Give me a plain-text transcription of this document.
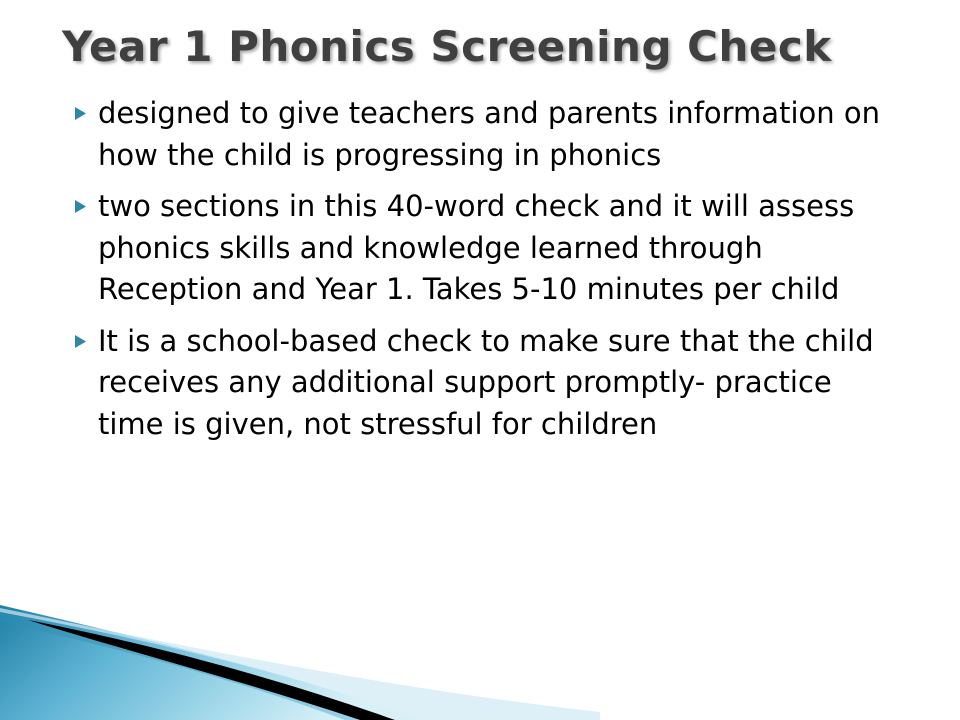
Year 1 Phonics Screening Check
designed to give teachers and parents information on how the child is progressing in phonics
two sections in this 40-word check and it will assess phonics skills and knowledge learned through Reception and Year 1. Takes 5-10 minutes per child
It is a school-based check to make sure that the child receives any additional support promptly- practice time is given, not stressful for children
